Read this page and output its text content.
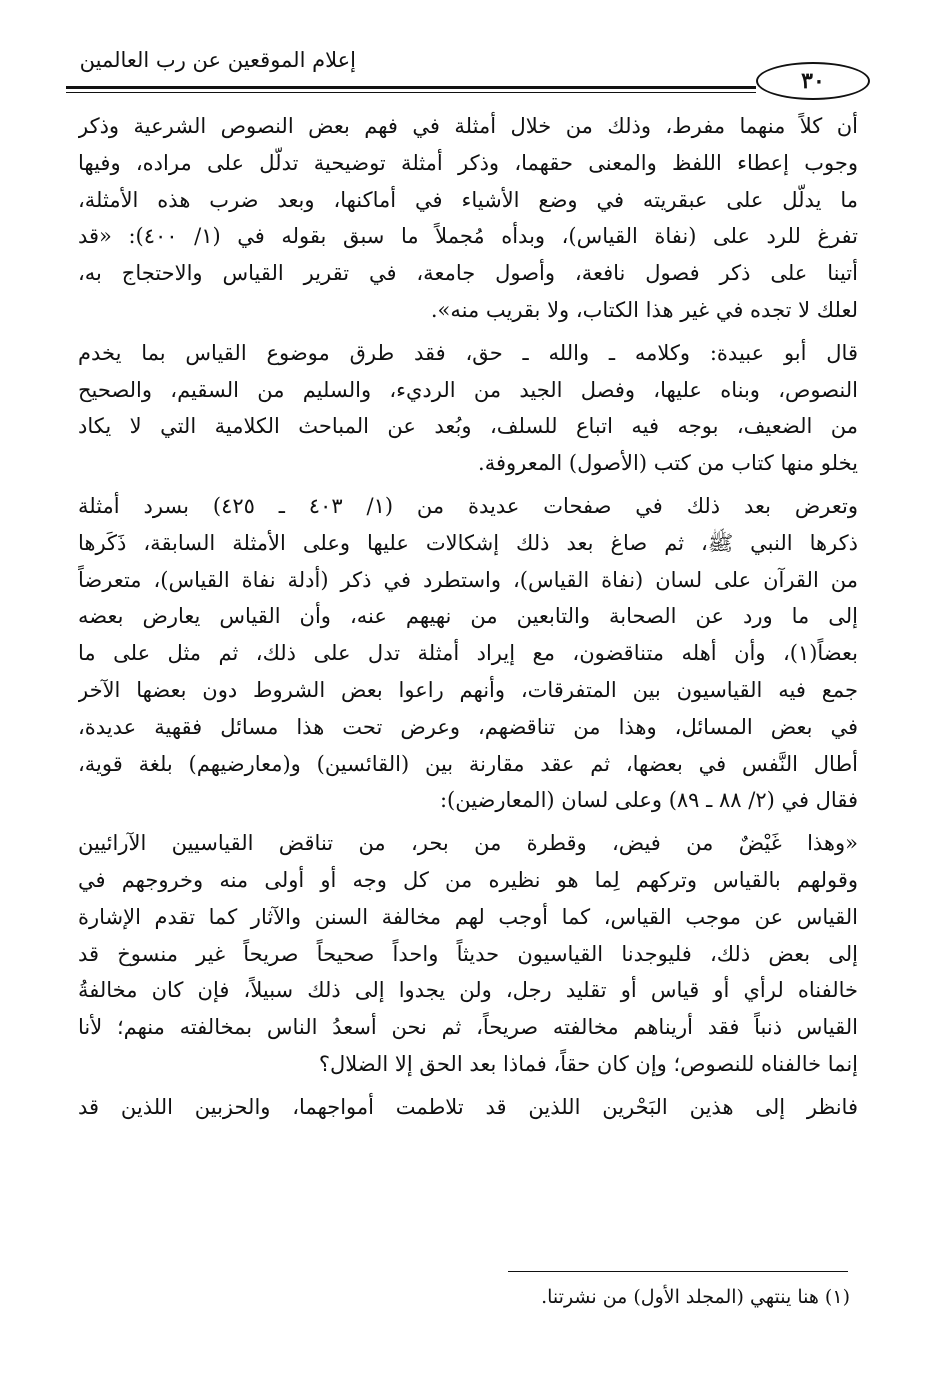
إعلام الموقعين عن رب العالمين
٣٠
أن كلاً منهما مفرط، وذلك من خلال أمثلة في فهم بعض النصوص الشرعية وذكر
وجوب إعطاء اللفظ والمعنى حقهما، وذكر أمثلة توضيحية تدلّل على مراده، وفيها
ما يدلّل على عبقريته في وضع الأشياء في أماكنها، وبعد ضرب هذه الأمثلة،
تفرغ للرد على (نفاة القياس)، وبدأه مُجملاً ما سبق بقوله في (١/ ٤٠٠): «قد
أتينا على ذكر فصول نافعة، وأصول جامعة، في تقرير القياس والاحتجاج به،
لعلك لا تجده في غير هذا الكتاب، ولا بقريب منه».
قال أبو عبيدة: وكلامه ـ والله ـ حق، فقد طرق موضوع القياس بما يخدم
النصوص، وبناه عليها، وفصل الجيد من الرديء، والسليم من السقيم، والصحيح
من الضعيف، بوجه فيه اتباع للسلف، وبُعد عن المباحث الكلامية التي لا يكاد
يخلو منها كتاب من كتب (الأصول) المعروفة.
وتعرض بعد ذلك في صفحات عديدة من (١/ ٤٠٣ ـ ٤٢٥) بسرد أمثلة
ذكرها النبي ﷺ، ثم صاغ بعد ذلك إشكالات عليها وعلى الأمثلة السابقة، ذَكَرها
من القرآن على لسان (نفاة القياس)، واستطرد في ذكر (أدلة نفاة القياس)، متعرضاً
إلى ما ورد عن الصحابة والتابعين من نهيهم عنه، وأن القياس يعارض بعضه
بعضاً(١)، وأن أهله متناقضون، مع إيراد أمثلة تدل على ذلك، ثم مثل على ما
جمع فيه القياسيون بين المتفرقات، وأنهم راعوا بعض الشروط دون بعضها الآخر
في بعض المسائل، وهذا من تناقضهم، وعرض تحت هذا مسائل فقهية عديدة،
أطال النَّفس في بعضها، ثم عقد مقارنة بين (القائسين) و(معارضيهم) بلغة قوية،
فقال في (٢/ ٨٨ ـ ٨٩) وعلى لسان (المعارضين):
«وهذا غَيْضٌ من فيض، وقطرة من بحر، من تناقض القياسيين الآرائيين
وقولهم بالقياس وتركهم لِما هو نظيره من كل وجه أو أولى منه وخروجهم في
القياس عن موجب القياس، كما أوجب لهم مخالفة السنن والآثار كما تقدم الإشارة
إلى بعض ذلك، فليوجدنا القياسيون حديثاً واحداً صحيحاً صريحاً غير منسوخ قد
خالفناه لرأي أو قياس أو تقليد رجل، ولن يجدوا إلى ذلك سبيلاً، فإن كان مخالفةُ
القياس ذنباً فقد أريناهم مخالفته صريحاً، ثم نحن أسعدُ الناس بمخالفته منهم؛ لأنا
إنما خالفناه للنصوص؛ وإن كان حقاً، فماذا بعد الحق إلا الضلال؟
فانظر إلى هذين البَحْرين اللذين قد تلاطمت أمواجهما، والحزبين اللذين قد
(١) هنا ينتهي (المجلد الأول) من نشرتنا.
